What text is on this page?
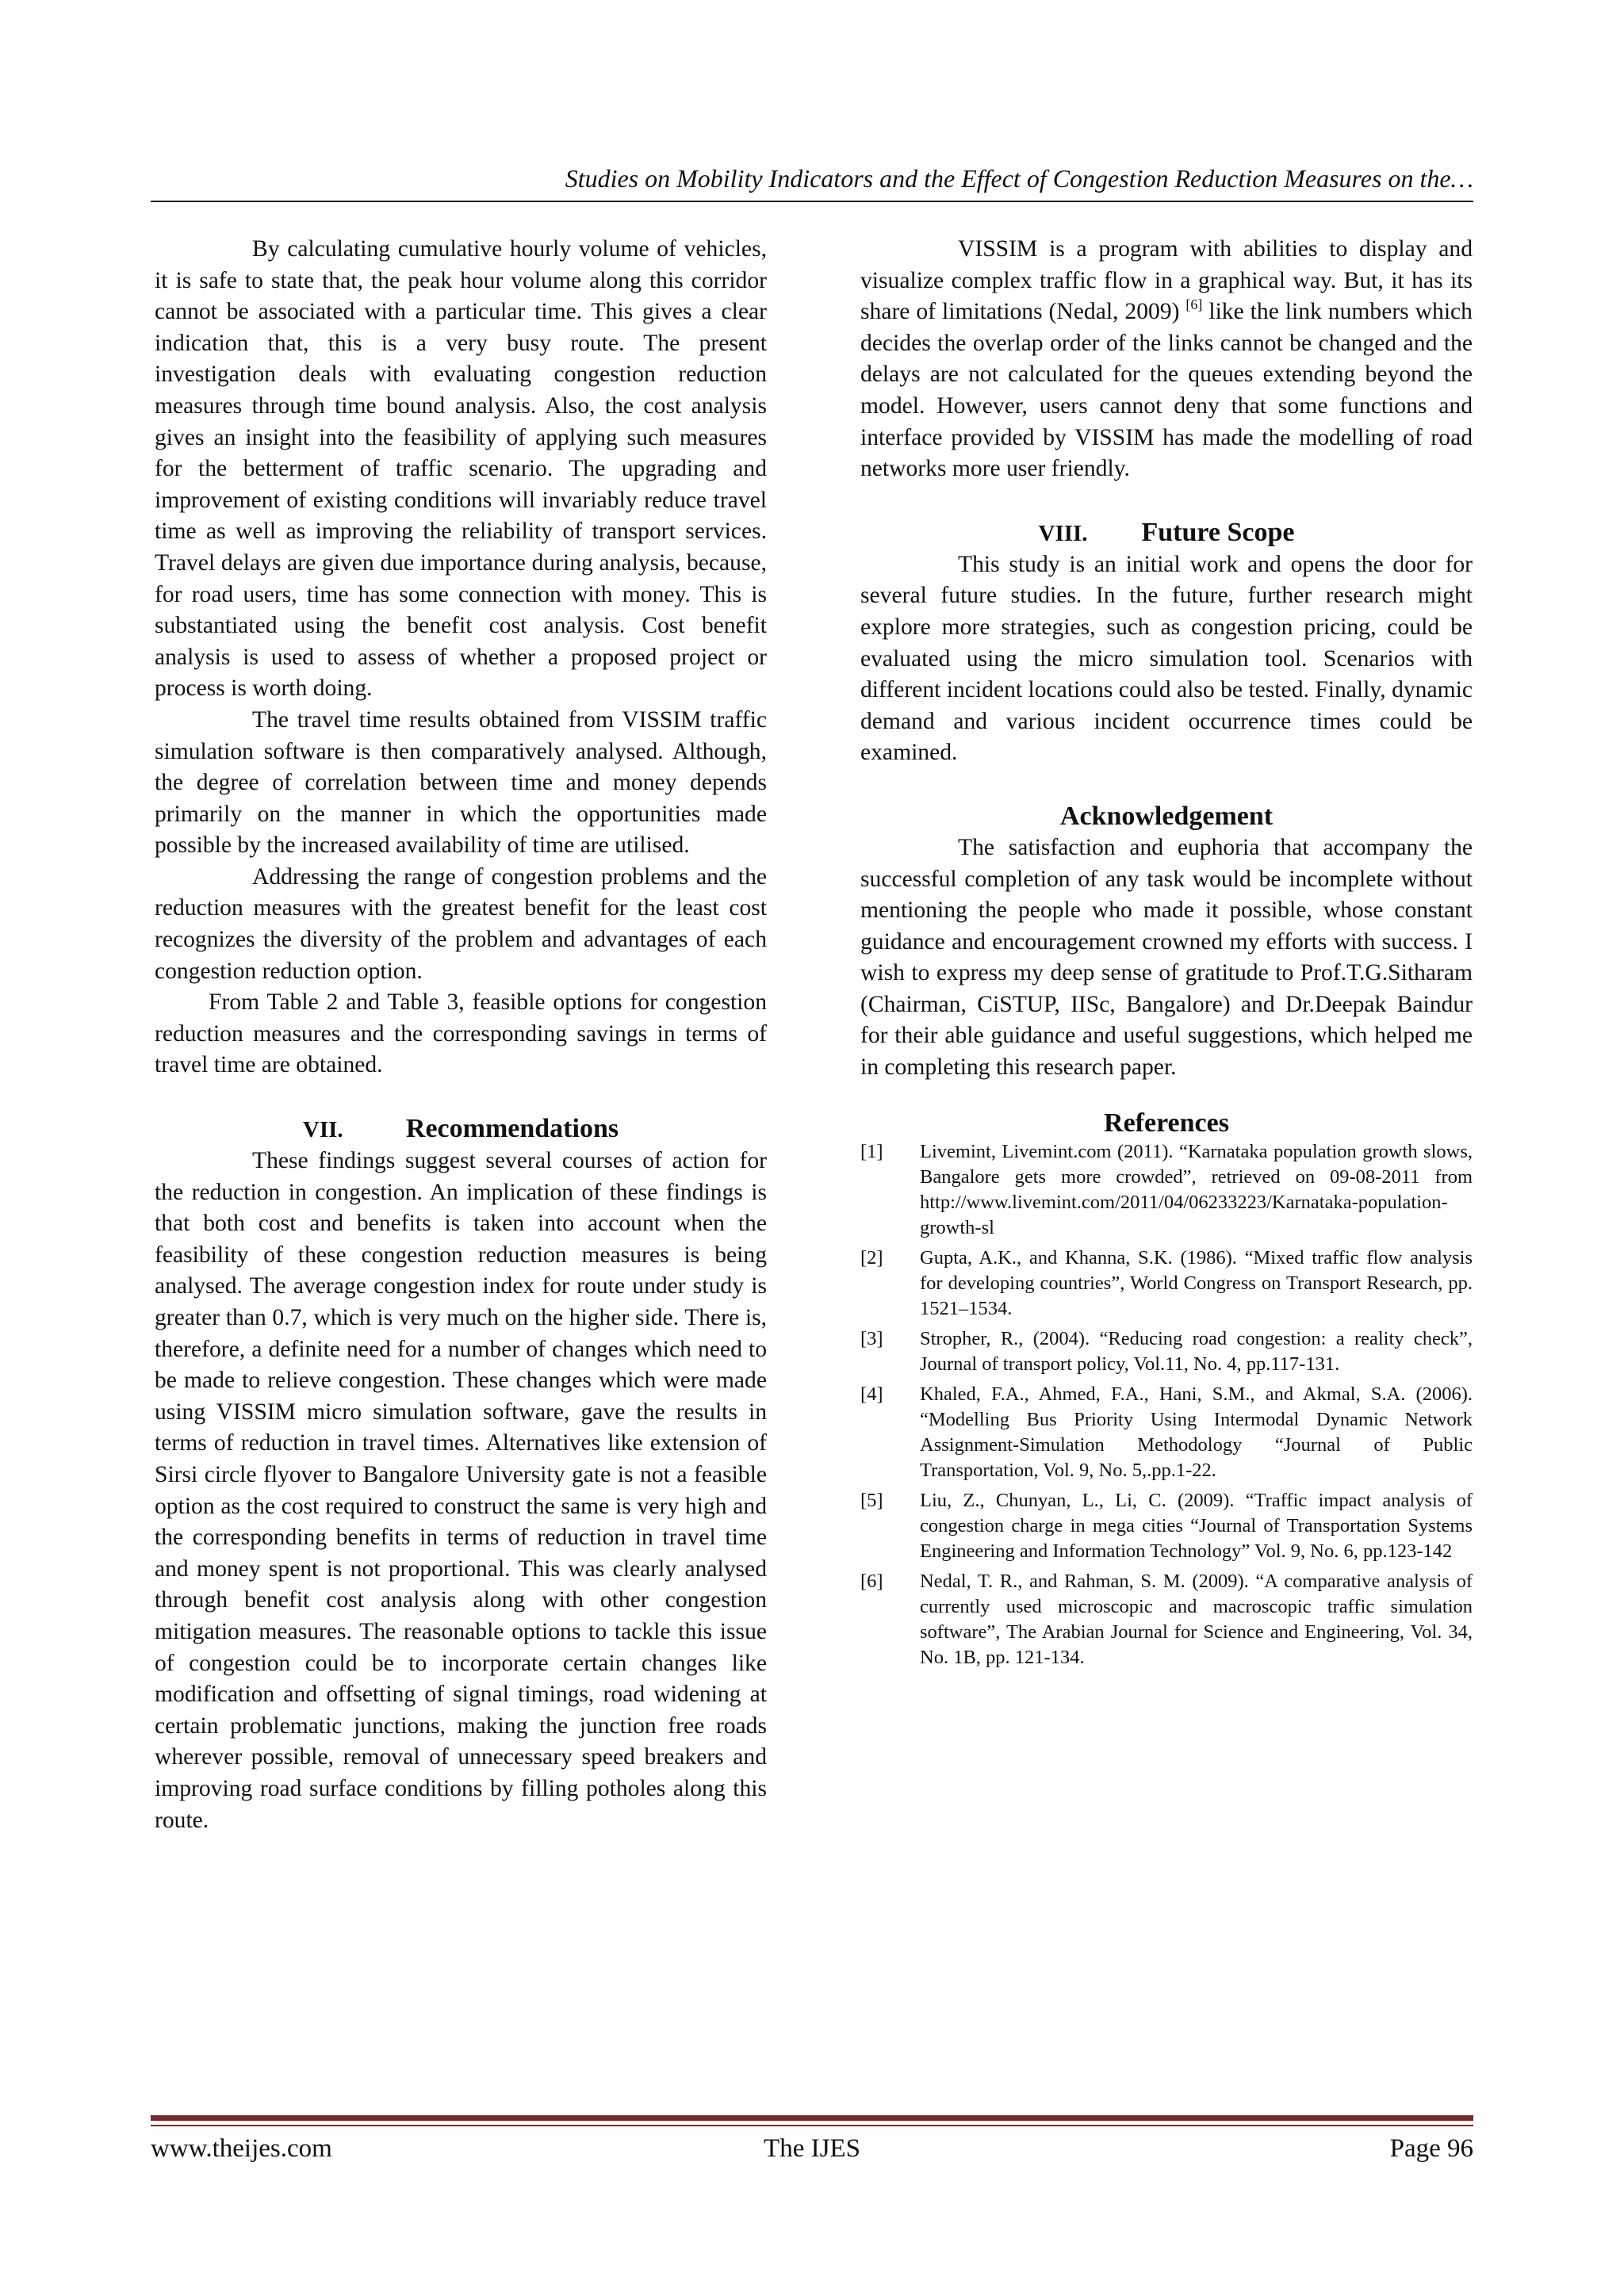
Studies on Mobility Indicators and the Effect of Congestion Reduction Measures on the…

By calculating cumulative hourly volume of vehicles, it is safe to state that, the peak hour volume along this corridor cannot be associated with a particular time. This gives a clear indication that, this is a very busy route. The present investigation deals with evaluating congestion reduction measures through time bound analysis. Also, the cost analysis gives an insight into the feasibility of applying such measures for the betterment of traffic scenario. The upgrading and improvement of existing conditions will invariably reduce travel time as well as improving the reliability of transport services. Travel delays are given due importance during analysis, because, for road users, time has some connection with money. This is substantiated using the benefit cost analysis. Cost benefit analysis is used to assess of whether a proposed project or process is worth doing.

The travel time results obtained from VISSIM traffic simulation software is then comparatively analysed. Although, the degree of correlation between time and money depends primarily on the manner in which the opportunities made possible by the increased availability of time are utilised.

Addressing the range of congestion problems and the reduction measures with the greatest benefit for the least cost recognizes the diversity of the problem and advantages of each congestion reduction option.

From Table 2 and Table 3, feasible options for congestion reduction measures and the corresponding savings in terms of travel time are obtained.

VII. Recommendations

These findings suggest several courses of action for the reduction in congestion. An implication of these findings is that both cost and benefits is taken into account when the feasibility of these congestion reduction measures is being analysed. The average congestion index for route under study is greater than 0.7, which is very much on the higher side. There is, therefore, a definite need for a number of changes which need to be made to relieve congestion. These changes which were made using VISSIM micro simulation software, gave the results in terms of reduction in travel times. Alternatives like extension of Sirsi circle flyover to Bangalore University gate is not a feasible option as the cost required to construct the same is very high and the corresponding benefits in terms of reduction in travel time and money spent is not proportional. This was clearly analysed through benefit cost analysis along with other congestion mitigation measures. The reasonable options to tackle this issue of congestion could be to incorporate certain changes like modification and offsetting of signal timings, road widening at certain problematic junctions, making the junction free roads wherever possible, removal of unnecessary speed breakers and improving road surface conditions by filling potholes along this route.

VISSIM is a program with abilities to display and visualize complex traffic flow in a graphical way. But, it has its share of limitations (Nedal, 2009) [6] like the link numbers which decides the overlap order of the links cannot be changed and the delays are not calculated for the queues extending beyond the model. However, users cannot deny that some functions and interface provided by VISSIM has made the modelling of road networks more user friendly.

VIII. Future Scope

This study is an initial work and opens the door for several future studies. In the future, further research might explore more strategies, such as congestion pricing, could be evaluated using the micro simulation tool. Scenarios with different incident locations could also be tested. Finally, dynamic demand and various incident occurrence times could be examined.

Acknowledgement

The satisfaction and euphoria that accompany the successful completion of any task would be incomplete without mentioning the people who made it possible, whose constant guidance and encouragement crowned my efforts with success. I wish to express my deep sense of gratitude to Prof.T.G.Sitharam (Chairman, CiSTUP, IISc, Bangalore) and Dr.Deepak Baindur for their able guidance and useful suggestions, which helped me in completing this research paper.

References
[1]	Livemint, Livemint.com (2011). “Karnataka population growth slows, Bangalore gets more crowded”, retrieved on 09-08-2011 from http://www.livemint.com/2011/04/06233223/Karnataka-population-growth-sl
[2]	Gupta, A.K., and Khanna, S.K. (1986). “Mixed traffic flow analysis for developing countries”, World Congress on Transport Research, pp. 1521–1534.
[3]	Stropher, R., (2004). “Reducing road congestion: a reality check”, Journal of transport policy, Vol.11, No. 4, pp.117-131.
[4]	Khaled, F.A., Ahmed, F.A., Hani, S.M., and Akmal, S.A. (2006). “Modelling Bus Priority Using Intermodal Dynamic Network Assignment-Simulation Methodology “Journal of Public Transportation, Vol. 9, No. 5,.pp.1-22.
[5]	Liu, Z., Chunyan, L., Li, C. (2009). “Traffic impact analysis of congestion charge in mega cities “Journal of Transportation Systems Engineering and Information Technology” Vol. 9, No. 6, pp.123-142
[6]	Nedal, T. R., and Rahman, S. M. (2009). “A comparative analysis of currently used microscopic and macroscopic traffic simulation software”, The Arabian Journal for Science and Engineering, Vol. 34, No. 1B, pp. 121-134.
The IJES
www.theijes.com	Page 96
